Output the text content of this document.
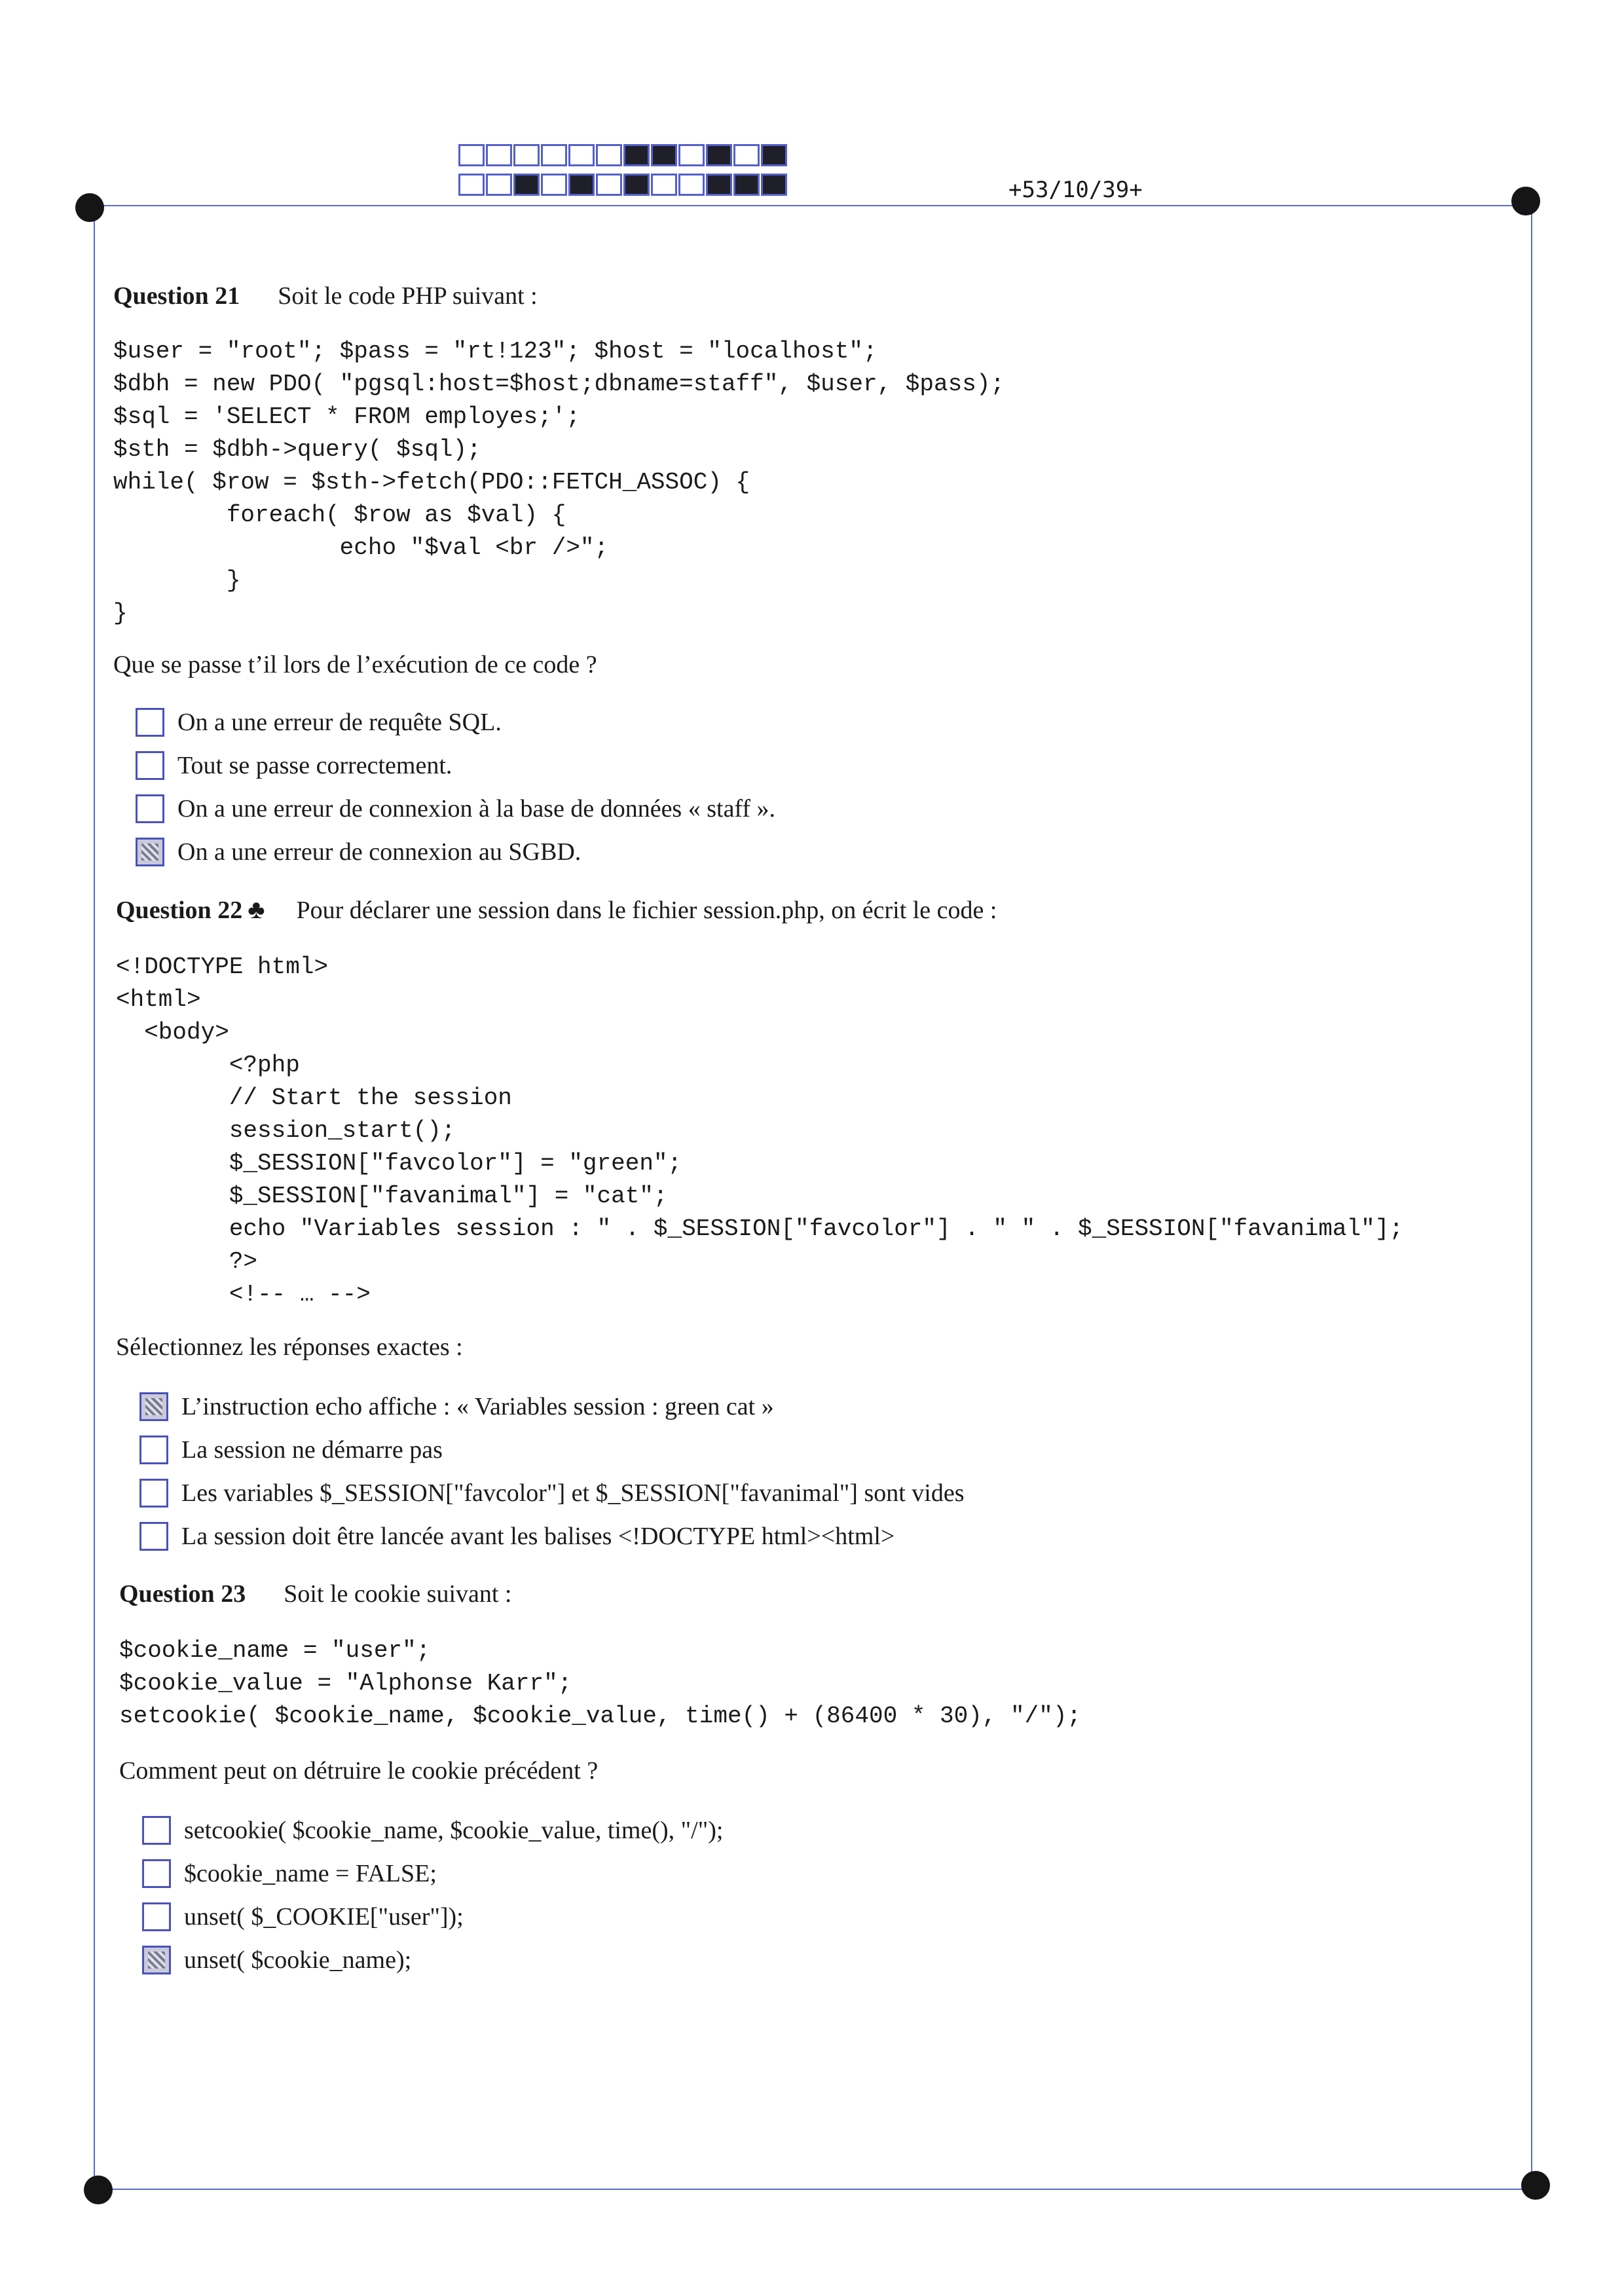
+53/10/39+
Question 21 Soit le code PHP suivant :
$user = "root"; $pass = "rt!123"; $host = "localhost";
$dbh = new PDO( "pgsql:host=$host;dbname=staff", $user, $pass);
$sql = 'SELECT * FROM employes;';
$sth = $dbh->query( $sql);
while( $row = $sth->fetch(PDO::FETCH_ASSOC) {
foreach( $row as $val) {
echo "$val <br />";
}
}
Que se passe t’il lors de l’exécution de ce code ?
On a une erreur de requête SQL.
Tout se passe correctement.
On a une erreur de connexion à la base de données « staff ».
On a une erreur de connexion au SGBD.
Question 22 ♣ Pour déclarer une session dans le fichier session.php, on écrit le code :
<!DOCTYPE html>
<html>
<body>
<?php
// Start the session
session_start();
$_SESSION["favcolor"] = "green";
$_SESSION["favanimal"] = "cat";
echo "Variables session : " . $_SESSION["favcolor"] . " " . $_SESSION["favanimal"];
?>
<!-- … -->
Sélectionnez les réponses exactes :
L’instruction echo affiche : « Variables session : green cat »
La session ne démarre pas
Les variables $_SESSION["favcolor"] et $_SESSION["favanimal"] sont vides
La session doit être lancée avant les balises <!DOCTYPE html><html>
Question 23 Soit le cookie suivant :
$cookie_name = "user";
$cookie_value = "Alphonse Karr";
setcookie( $cookie_name, $cookie_value, time() + (86400 * 30), "/");
Comment peut on détruire le cookie précédent ?
setcookie( $cookie_name, $cookie_value, time(), "/");
$cookie_name = FALSE;
unset( $_COOKIE["user"]);
unset( $cookie_name);
